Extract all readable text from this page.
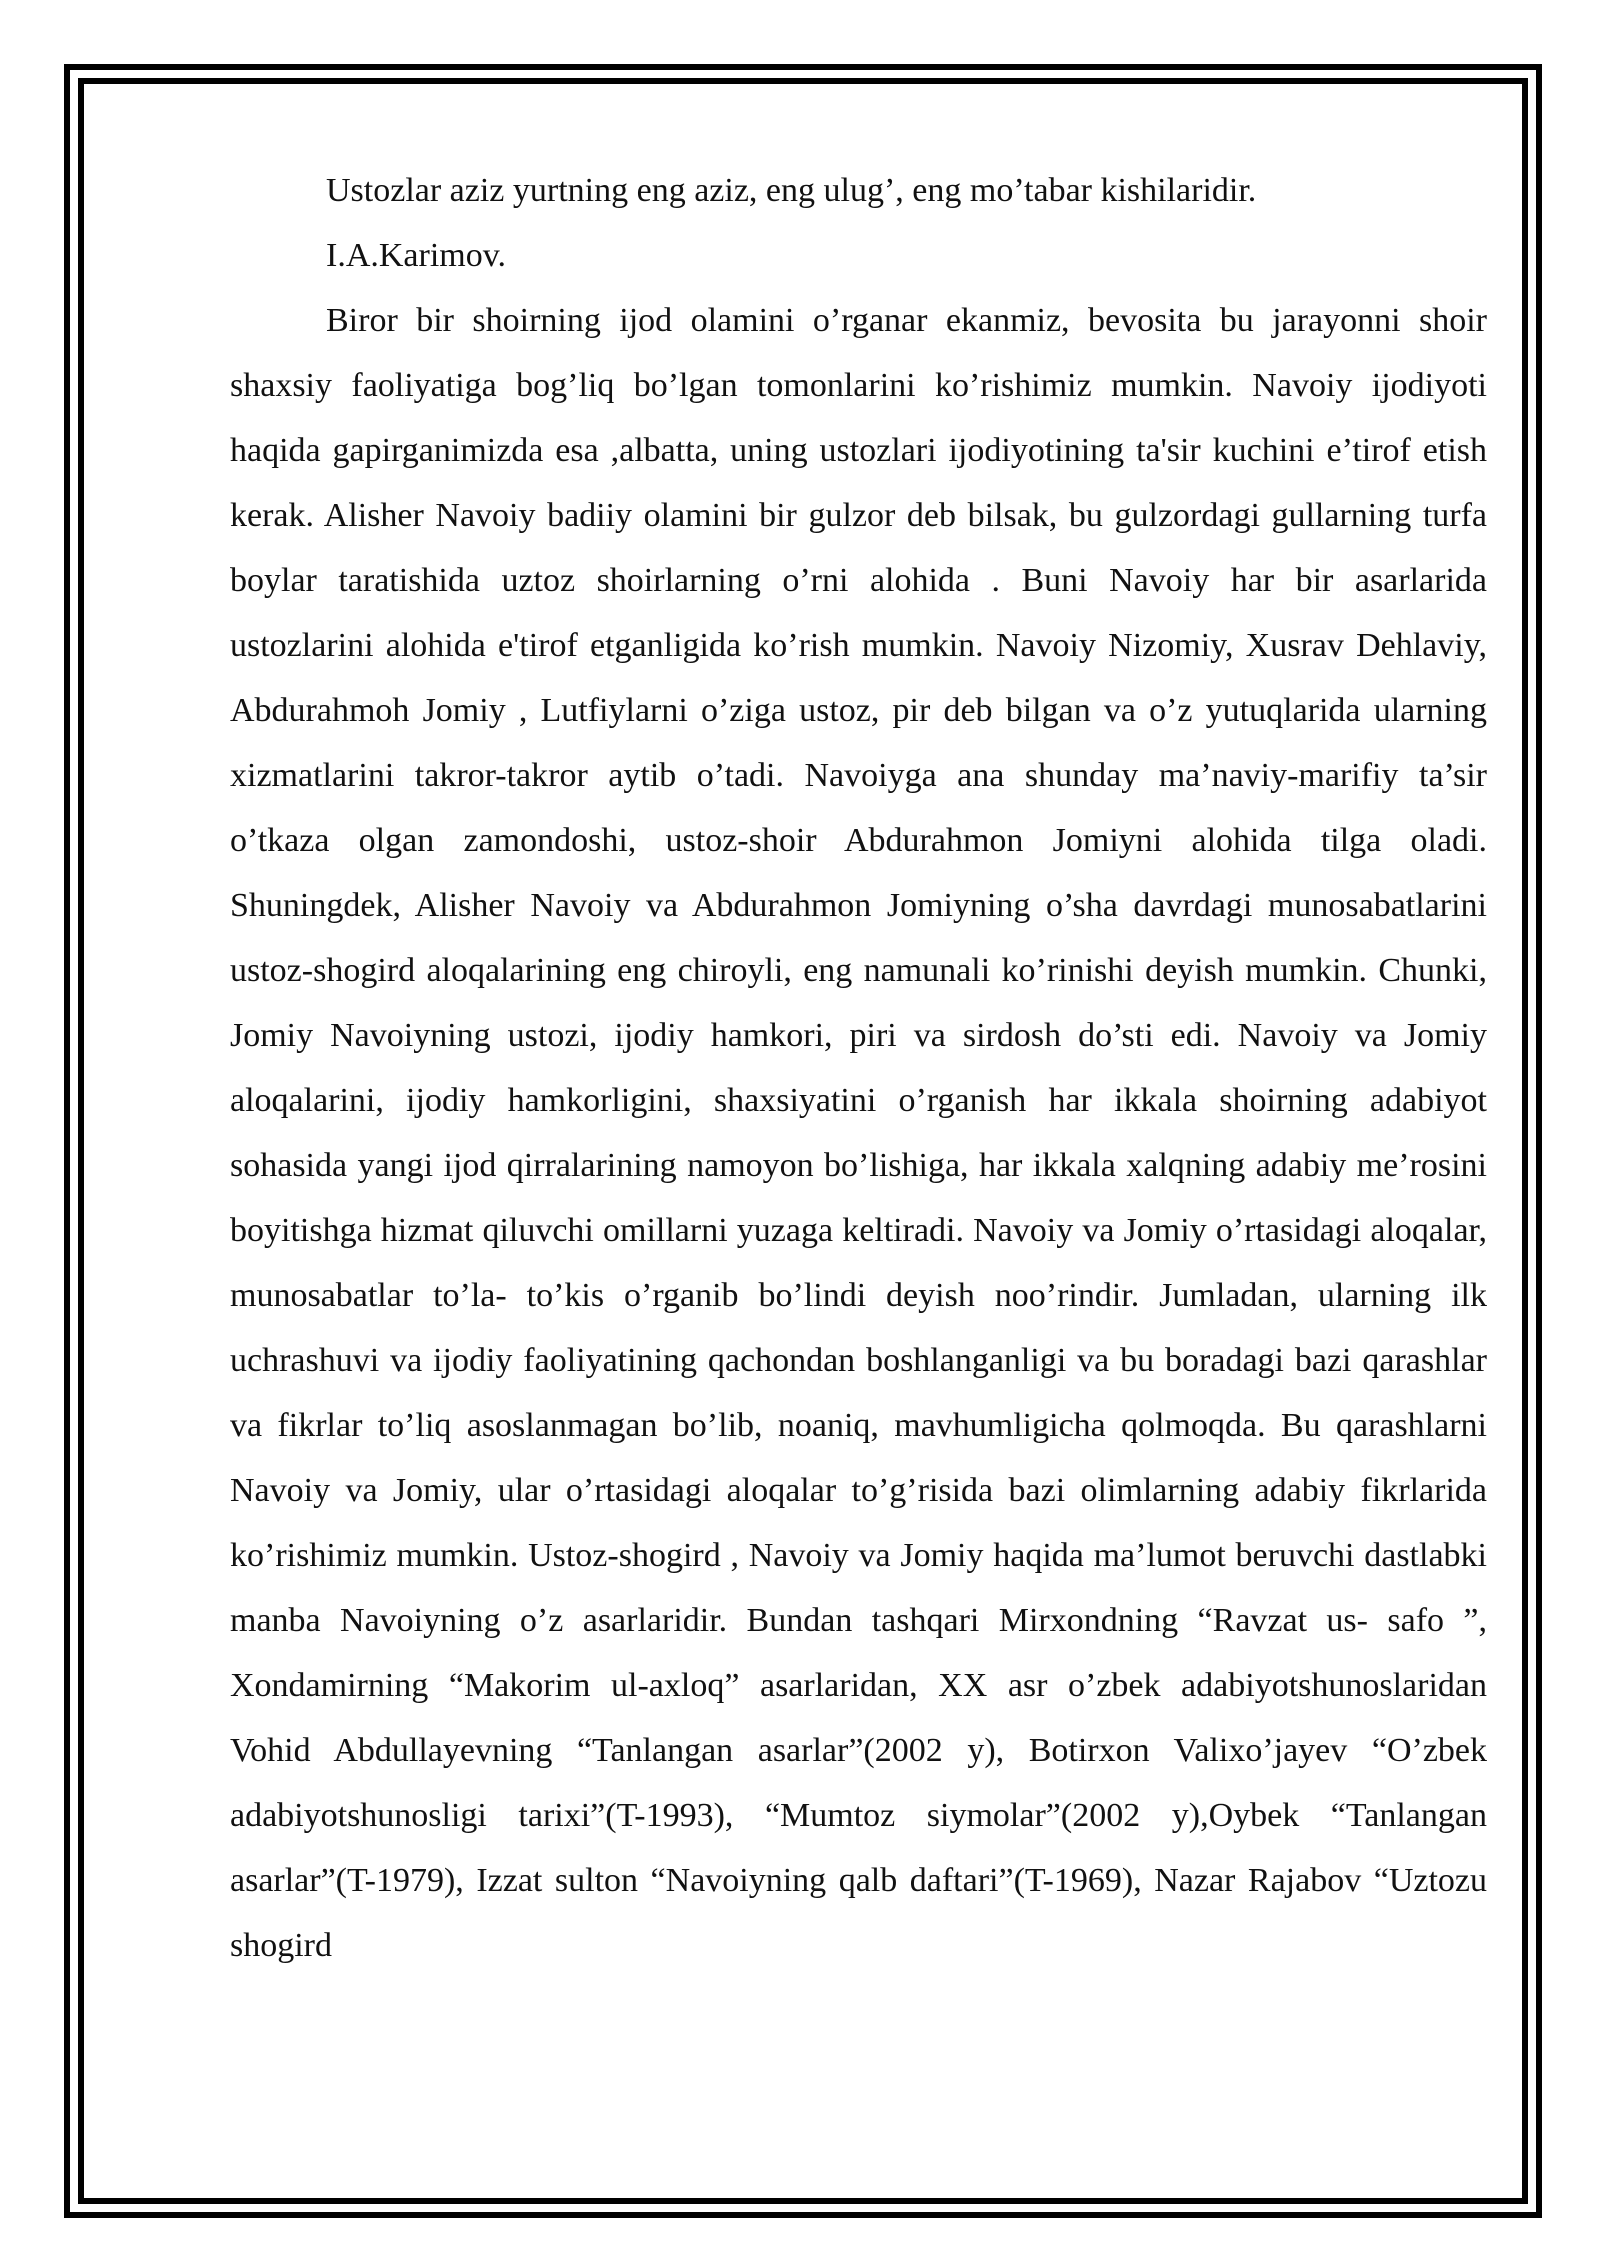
Ustozlar aziz yurtning eng aziz, eng ulug’, eng mo’tabar kishilaridir.

I.A.Karimov.

Biror bir shoirning ijod olamini o’rganar ekanmiz, bevosita bu jarayonni shoir shaxsiy faoliyatiga bog’liq bo’lgan tomonlarini ko’rishimiz mumkin. Navoiy ijodiyoti haqida gapirganimizda esa ,albatta, uning ustozlari ijodiyotining ta'sir kuchini e’tirof etish kerak. Alisher Navoiy badiiy olamini bir gulzor deb bilsak, bu gulzordagi gullarning turfa boylar taratishida uztoz shoirlarning o’rni alohida . Buni Navoiy har bir asarlarida ustozlarini alohida e'tirof etganligida ko’rish mumkin. Navoiy Nizomiy, Xusrav Dehlaviy, Abdurahmoh Jomiy , Lutfiylarni o’ziga ustoz, pir deb bilgan va o’z yutuqlarida ularning xizmatlarini takror-takror aytib o’tadi. Navoiyga ana shunday ma’naviy-marifiy ta’sir o’tkaza olgan zamondoshi, ustoz-shoir Abdurahmon Jomiyni alohida tilga oladi. Shuningdek, Alisher Navoiy va Abdurahmon Jomiyning o’sha davrdagi munosabatlarini ustoz-shogird aloqalarining eng chiroyli, eng namunali ko’rinishi deyish mumkin. Chunki, Jomiy Navoiyning ustozi, ijodiy hamkori, piri va sirdosh do’sti edi. Navoiy va Jomiy aloqalarini, ijodiy hamkorligini, shaxsiyatini o’rganish har ikkala shoirning adabiyot sohasida yangi ijod qirralarining namoyon bo’lishiga, har ikkala xalqning adabiy me’rosini boyitishga hizmat qiluvchi omillarni yuzaga keltiradi. Navoiy va Jomiy o’rtasidagi aloqalar, munosabatlar to’la- to’kis o’rganib bo’lindi deyish noo’rindir. Jumladan, ularning ilk uchrashuvi va ijodiy faoliyatining qachondan boshlanganligi va bu boradagi bazi qarashlar va fikrlar to’liq asoslanmagan bo’lib, noaniq, mavhumligicha qolmoqda. Bu qarashlarni Navoiy va Jomiy, ular o’rtasidagi aloqalar to’g’risida bazi olimlarning adabiy fikrlarida ko’rishimiz mumkin. Ustoz-shogird , Navoiy va Jomiy haqida ma’lumot beruvchi dastlabki manba Navoiyning o’z asarlaridir. Bundan tashqari Mirxondning “Ravzat us- safo ”, Xondamirning “Makorim ul-axloq” asarlaridan, XX asr o’zbek adabiyotshunoslaridan Vohid Abdullayevning “Tanlangan asarlar”(2002 y), Botirxon Valixo’jayev “O’zbek adabiyotshunosligi tarixi”(T-1993), “Mumtoz siymolar”(2002 y),Oybek “Tanlangan asarlar”(T-1979), Izzat sulton “Navoiyning qalb daftari”(T-1969), Nazar Rajabov “Uztozu shogird
